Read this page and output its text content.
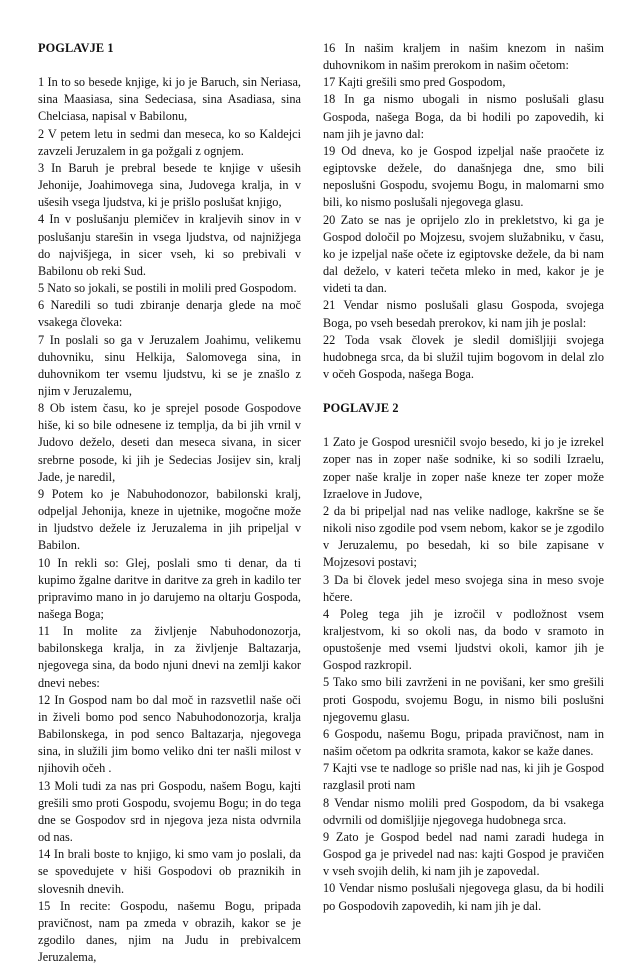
POGLAVJE 1

1 In to so besede knjige, ki jo je Baruch, sin Neriasa, sina Maasiasa, sina Sedeciasa, sina Asadiasa, sina Chelciasa, napisal v Babilonu,

2 V petem letu in sedmi dan meseca, ko so Kaldejci zavzeli Jeruzalem in ga požgali z ognjem.

3 In Baruh je prebral besede te knjige v ušesih Jehonije, Joahimovega sina, Judovega kralja, in v ušesih vsega ljudstva, ki je prišlo poslušat knjigo,

4 In v poslušanju plemičev in kraljevih sinov in v poslušanju starešin in vsega ljudstva, od najnižjega do najvišjega, in sicer vseh, ki so prebivali v Babilonu ob reki Sud.

5 Nato so jokali, se postili in molili pred Gospodom.

6 Naredili so tudi zbiranje denarja glede na moč vsakega človeka:

7 In poslali so ga v Jeruzalem Joahimu, velikemu duhovniku, sinu Helkija, Salomovega sina, in duhovnikom ter vsemu ljudstvu, ki se je znašlo z njim v Jeruzalemu,

8 Ob istem času, ko je sprejel posode Gospodove hiše, ki so bile odnesene iz templja, da bi jih vrnil v Judovo deželo, deseti dan meseca sivana, in sicer srebrne posode, ki jih je Sedecias Josijev sin, kralj Jade, je naredil,

9 Potem ko je Nabuhodonozor, babilonski kralj, odpeljal Jehonija, kneze in ujetnike, mogočne može in ljudstvo dežele iz Jeruzalema in jih pripeljal v Babilon.

10 In rekli so: Glej, poslali smo ti denar, da ti kupimo žgalne daritve in daritve za greh in kadilo ter pripravimo mano in jo darujemo na oltarju Gospoda, našega Boga;

11 In molite za življenje Nabuhodonozorja, babilonskega kralja, in za življenje Baltazarja, njegovega sina, da bodo njuni dnevi na zemlji kakor dnevi nebes:

12 In Gospod nam bo dal moč in razsvetlil naše oči in živeli bomo pod senco Nabuhodonozorja, kralja Babilonskega, in pod senco Baltazarja, njegovega sina, in služili jim bomo veliko dni ter našli milost v njihovih očeh .

13 Moli tudi za nas pri Gospodu, našem Bogu, kajti grešili smo proti Gospodu, svojemu Bogu; in do tega dne se Gospodov srd in njegova jeza nista odvrnila od nas.

14 In brali boste to knjigo, ki smo vam jo poslali, da se spovedujete v hiši Gospodovi ob praznikih in slovesnih dnevih.

15 In recite: Gospodu, našemu Bogu, pripada pravičnost, nam pa zmeda v obrazih, kakor se je zgodilo danes, njim na Judu in prebivalcem Jeruzalema,

16 In našim kraljem in našim knezom in našim duhovnikom in našim prerokom in našim očetom:

17 Kajti grešili smo pred Gospodom,

18 In ga nismo ubogali in nismo poslušali glasu Gospoda, našega Boga, da bi hodili po zapovedih, ki nam jih je javno dal:

19 Od dneva, ko je Gospod izpeljal naše praočete iz egiptovske dežele, do današnjega dne, smo bili neposlušni Gospodu, svojemu Bogu, in malomarni smo bili, ko nismo poslušali njegovega glasu.

20 Zato se nas je oprijelo zlo in prekletstvo, ki ga je Gospod določil po Mojzesu, svojem služabniku, v času, ko je izpeljal naše očete iz egiptovske dežele, da bi nam dal deželo, v kateri tečeta mleko in med, kakor je je videti ta dan.

21 Vendar nismo poslušali glasu Gospoda, svojega Boga, po vseh besedah prerokov, ki nam jih je poslal:

22 Toda vsak človek je sledil domišljiji svojega hudobnega srca, da bi služil tujim bogovom in delal zlo v očeh Gospoda, našega Boga.

POGLAVJE 2

1 Zato je Gospod uresničil svojo besedo, ki jo je izrekel zoper nas in zoper naše sodnike, ki so sodili Izraelu, zoper naše kralje in zoper naše kneze ter zoper može Izraelove in Judove,

2 da bi pripeljal nad nas velike nadloge, kakršne se še nikoli niso zgodile pod vsem nebom, kakor se je zgodilo v Jeruzalemu, po besedah, ki so bile zapisane v Mojzesovi postavi;

3 Da bi človek jedel meso svojega sina in meso svoje hčere.

4 Poleg tega jih je izročil v podložnost vsem kraljestvom, ki so okoli nas, da bodo v sramoto in opustošenje med vsemi ljudstvi okoli, kamor jih je Gospod razkropil.

5 Tako smo bili zavrženi in ne povišani, ker smo grešili proti Gospodu, svojemu Bogu, in nismo bili poslušni njegovemu glasu.

6 Gospodu, našemu Bogu, pripada pravičnost, nam in našim očetom pa odkrita sramota, kakor se kaže danes.

7 Kajti vse te nadloge so prišle nad nas, ki jih je Gospod razglasil proti nam

8 Vendar nismo molili pred Gospodom, da bi vsakega odvrnili od domišljije njegovega hudobnega srca.

9 Zato je Gospod bedel nad nami zaradi hudega in Gospod ga je privedel nad nas: kajti Gospod je pravičen v vseh svojih delih, ki nam jih je zapovedal.

10 Vendar nismo poslušali njegovega glasu, da bi hodili po Gospodovih zapovedih, ki nam jih je dal.
